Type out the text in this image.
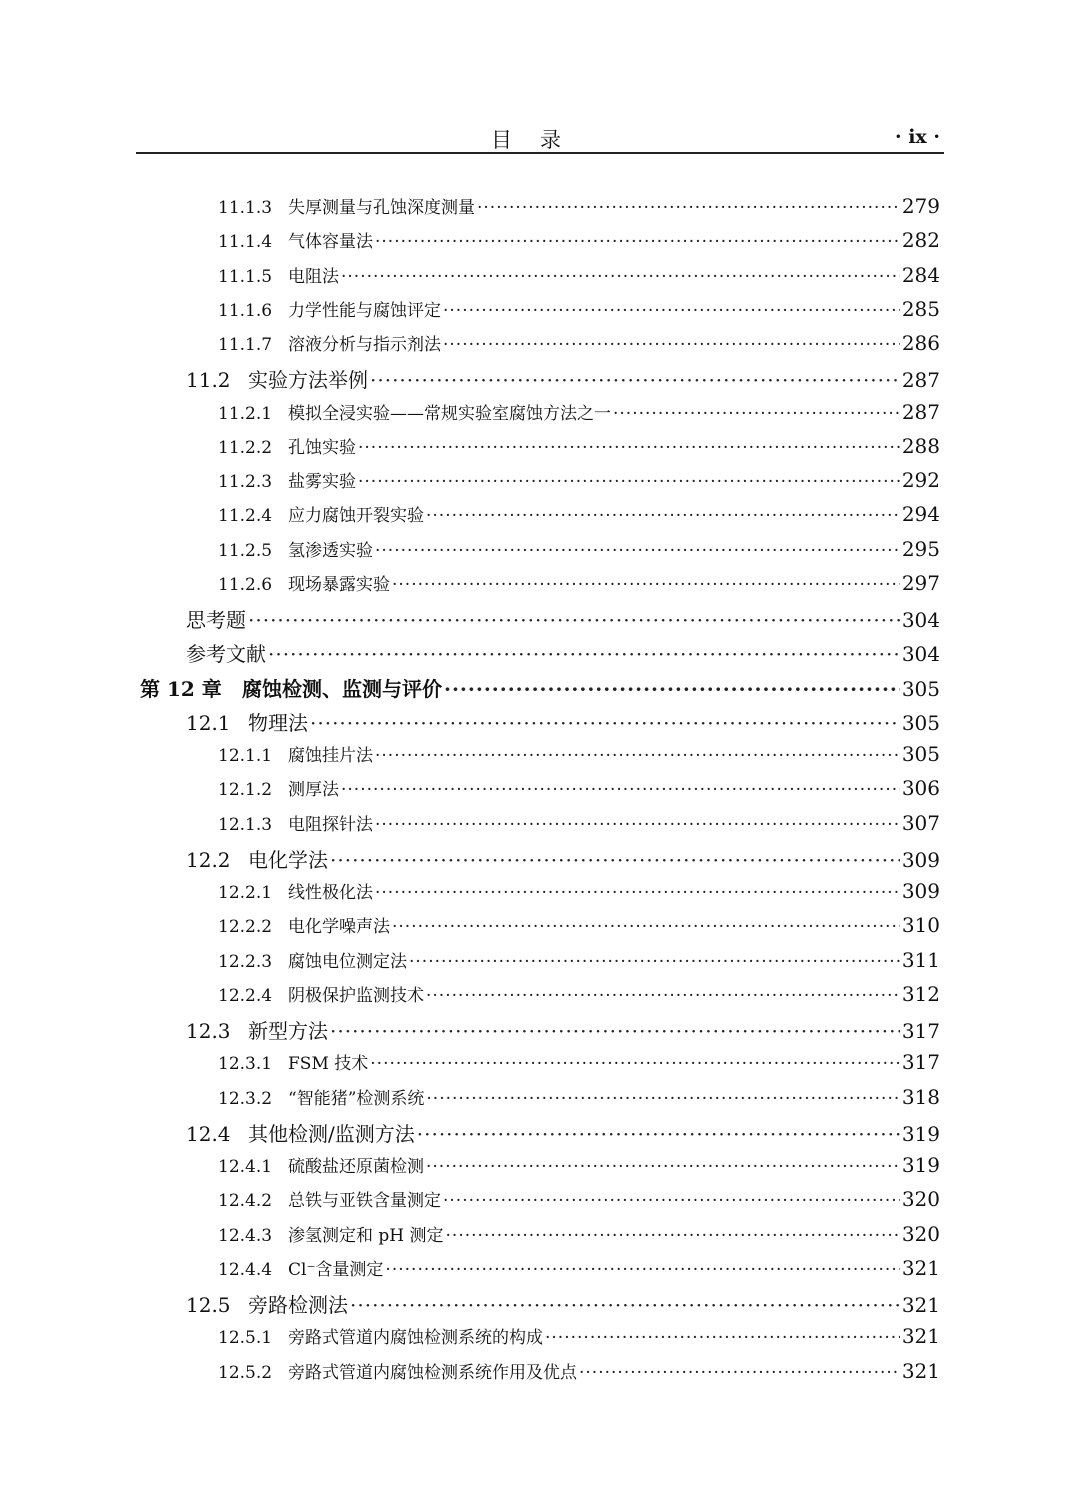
目录	· ix ·
11.1.3 失厚测量与孔蚀深度测量 ·····	279
11.1.4 气体容量法 ·····	282
11.1.5 电阻法 ·····	284
11.1.6 力学性能与腐蚀评定 ·····	285
11.1.7 溶液分析与指示剂法 ·····	286
11.2 实验方法举例 ·····	287
11.2.1 模拟全浸实验——常规实验室腐蚀方法之一 ·····	287
11.2.2 孔蚀实验 ·····	288
11.2.3 盐雾实验 ·····	292
11.2.4 应力腐蚀开裂实验 ·····	294
11.2.5 氢渗透实验 ·····	295
11.2.6 现场暴露实验 ·····	297
思考题 ·····	304
参考文献 ·····	304
第 12 章	腐蚀检测、监测与评价 ·····	305
12.1 物理法 ·····	305
12.1.1 腐蚀挂片法 ·····	305
12.1.2 测厚法 ·····	306
12.1.3 电阻探针法 ·····	307
12.2 电化学法 ·····	309
12.2.1 线性极化法 ·····	309
12.2.2 电化学噪声法 ·····	310
12.2.3 腐蚀电位测定法 ·····	311
12.2.4 阴极保护监测技术 ·····	312
12.3 新型方法 ·····	317
12.3.1 FSM 技术 ·····	317
12.3.2 “智能猪”检测系统 ·····	318
12.4 其他检测/监测方法 ·····	319
12.4.1 硫酸盐还原菌检测 ·····	319
12.4.2 总铁与亚铁含量测定 ·····	320
12.4.3 渗氢测定和 pH 测定 ·····	320
12.4.4 Cl⁻含量测定 ·····	321
12.5 旁路检测法 ·····	321
12.5.1 旁路式管道内腐蚀检测系统的构成 ·····	321
12.5.2 旁路式管道内腐蚀检测系统作用及优点 ·····	321
